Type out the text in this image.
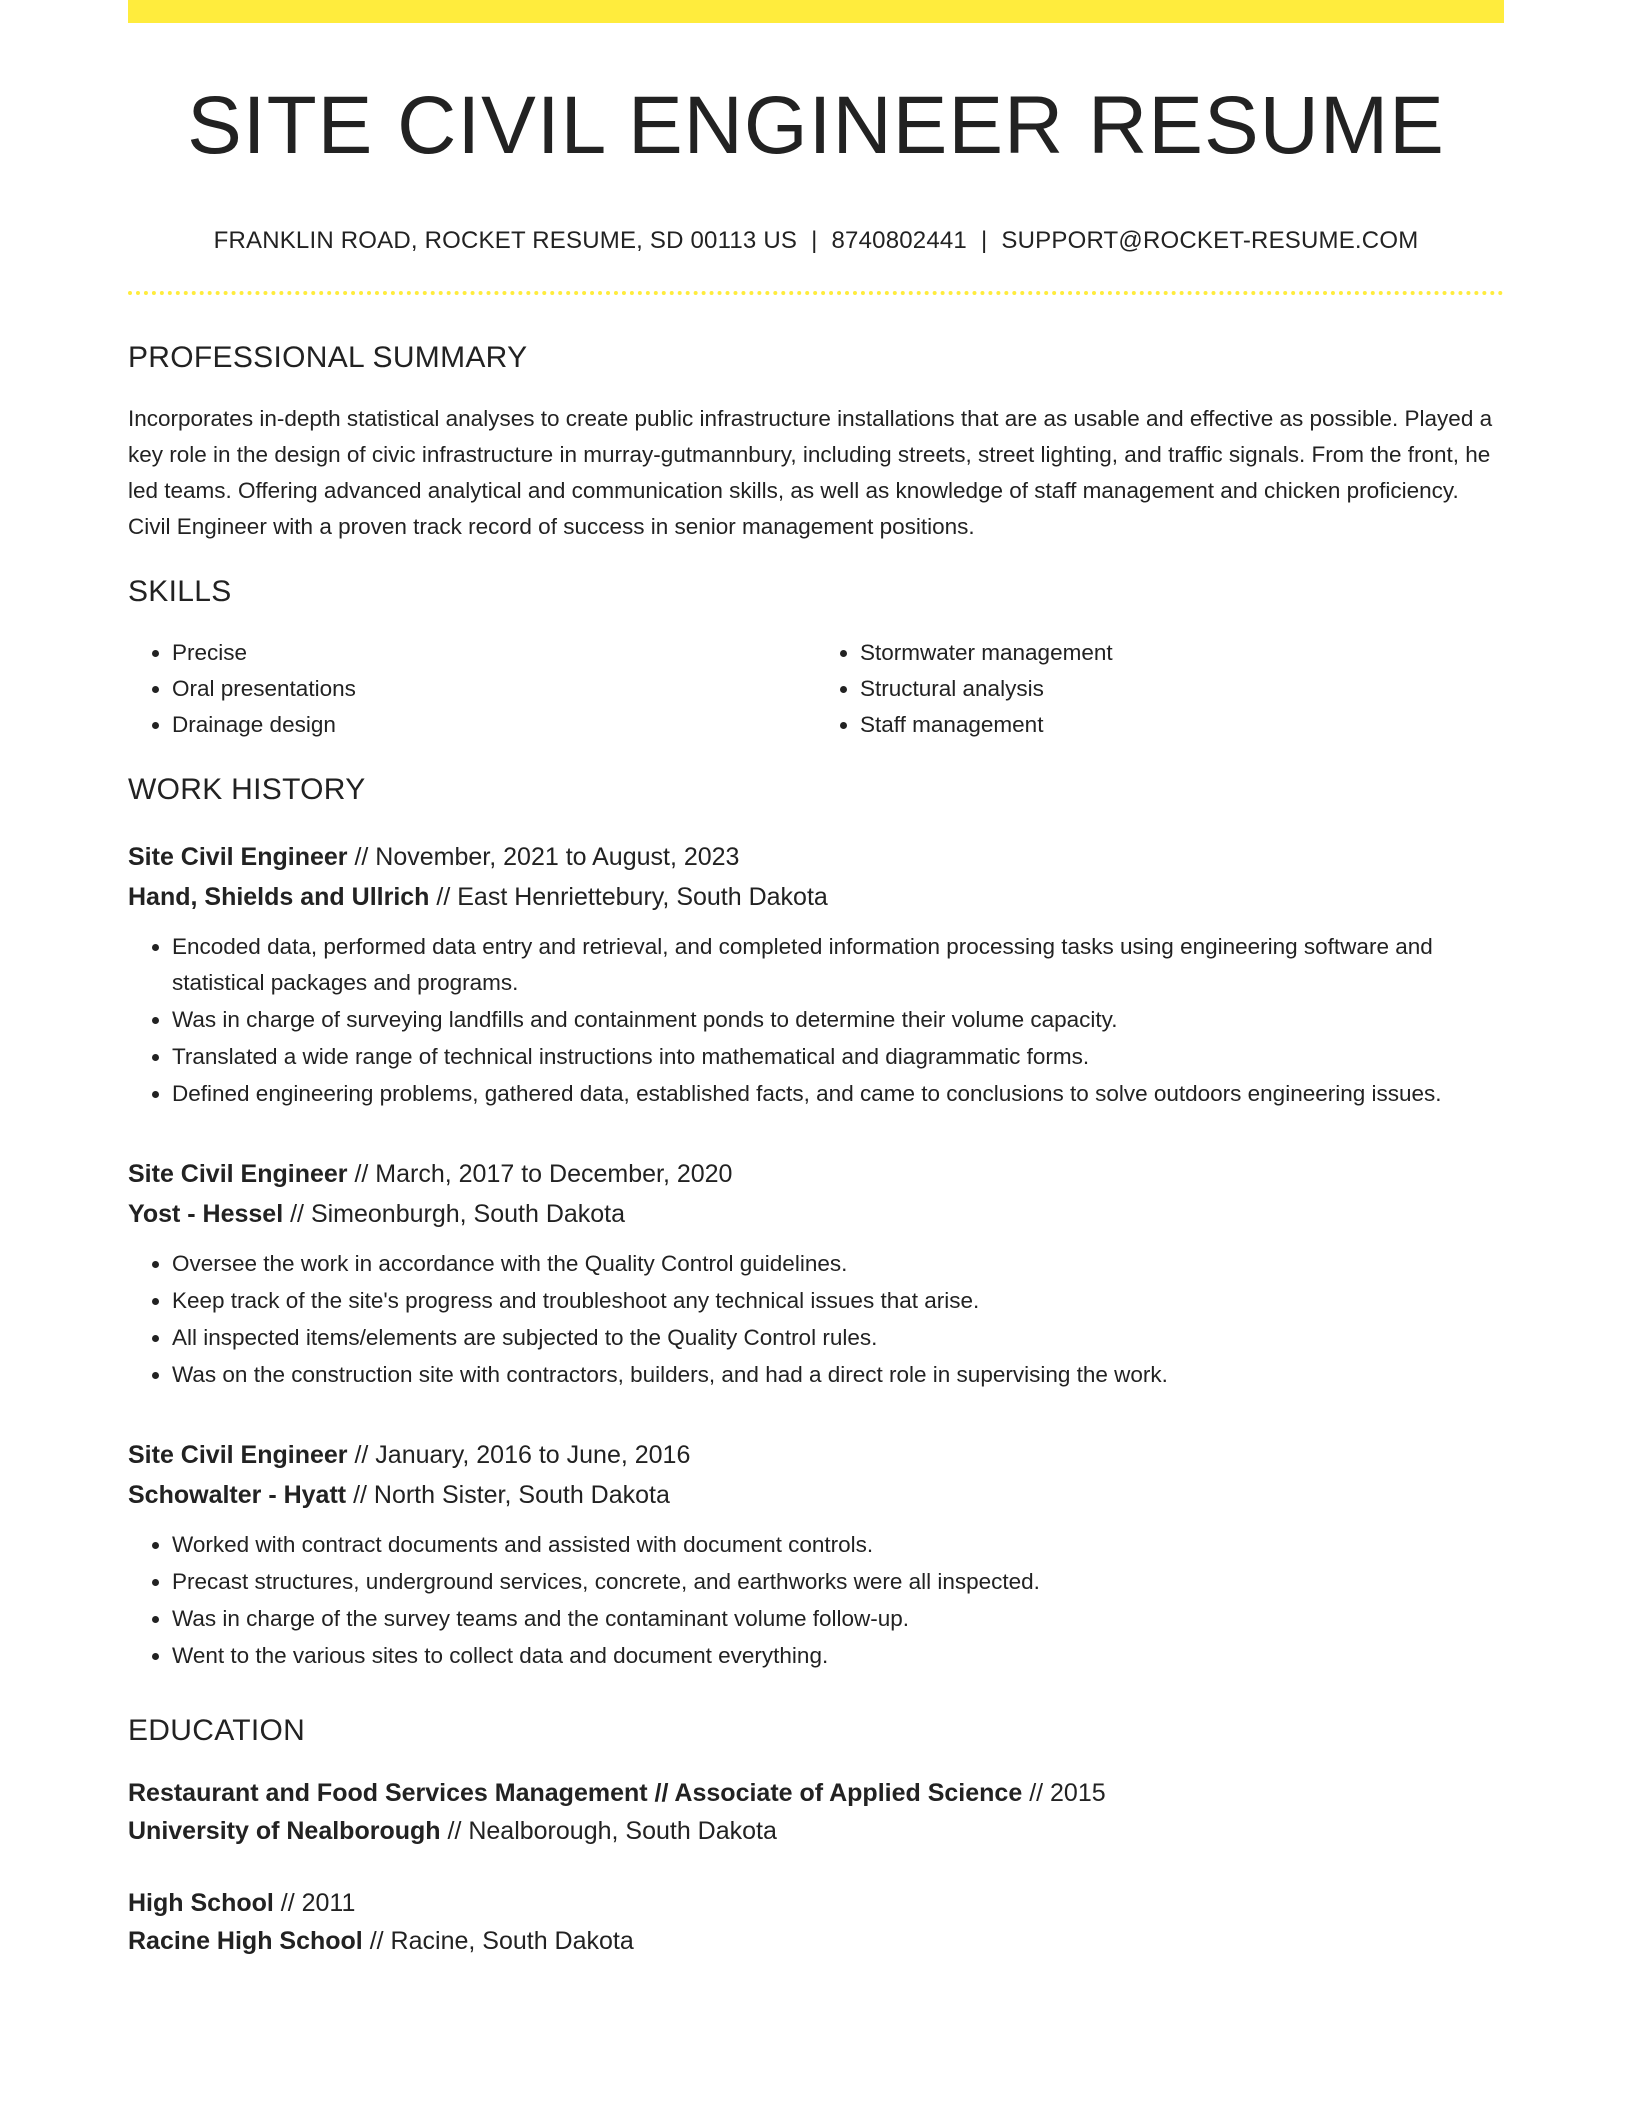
SITE CIVIL ENGINEER RESUME
FRANKLIN ROAD, ROCKET RESUME, SD 00113 US | 8740802441 | SUPPORT@ROCKET-RESUME.COM
PROFESSIONAL SUMMARY
Incorporates in-depth statistical analyses to create public infrastructure installations that are as usable and effective as possible. Played a key role in the design of civic infrastructure in murray-gutmannbury, including streets, street lighting, and traffic signals. From the front, he led teams. Offering advanced analytical and communication skills, as well as knowledge of staff management and chicken proficiency. Civil Engineer with a proven track record of success in senior management positions.
SKILLS
• Precise
• Oral presentations
• Drainage design
• Stormwater management
• Structural analysis
• Staff management
WORK HISTORY
Site Civil Engineer // November, 2021 to August, 2023
Hand, Shields and Ullrich // East Henriettebury, South Dakota
• Encoded data, performed data entry and retrieval, and completed information processing tasks using engineering software and statistical packages and programs.
• Was in charge of surveying landfills and containment ponds to determine their volume capacity.
• Translated a wide range of technical instructions into mathematical and diagrammatic forms.
• Defined engineering problems, gathered data, established facts, and came to conclusions to solve outdoors engineering issues.
Site Civil Engineer // March, 2017 to December, 2020
Yost - Hessel // Simeonburgh, South Dakota
• Oversee the work in accordance with the Quality Control guidelines.
• Keep track of the site's progress and troubleshoot any technical issues that arise.
• All inspected items/elements are subjected to the Quality Control rules.
• Was on the construction site with contractors, builders, and had a direct role in supervising the work.
Site Civil Engineer // January, 2016 to June, 2016
Schowalter - Hyatt // North Sister, South Dakota
• Worked with contract documents and assisted with document controls.
• Precast structures, underground services, concrete, and earthworks were all inspected.
• Was in charge of the survey teams and the contaminant volume follow-up.
• Went to the various sites to collect data and document everything.
EDUCATION
Restaurant and Food Services Management // Associate of Applied Science // 2015
University of Nealborough // Nealborough, South Dakota
High School // 2011
Racine High School // Racine, South Dakota
